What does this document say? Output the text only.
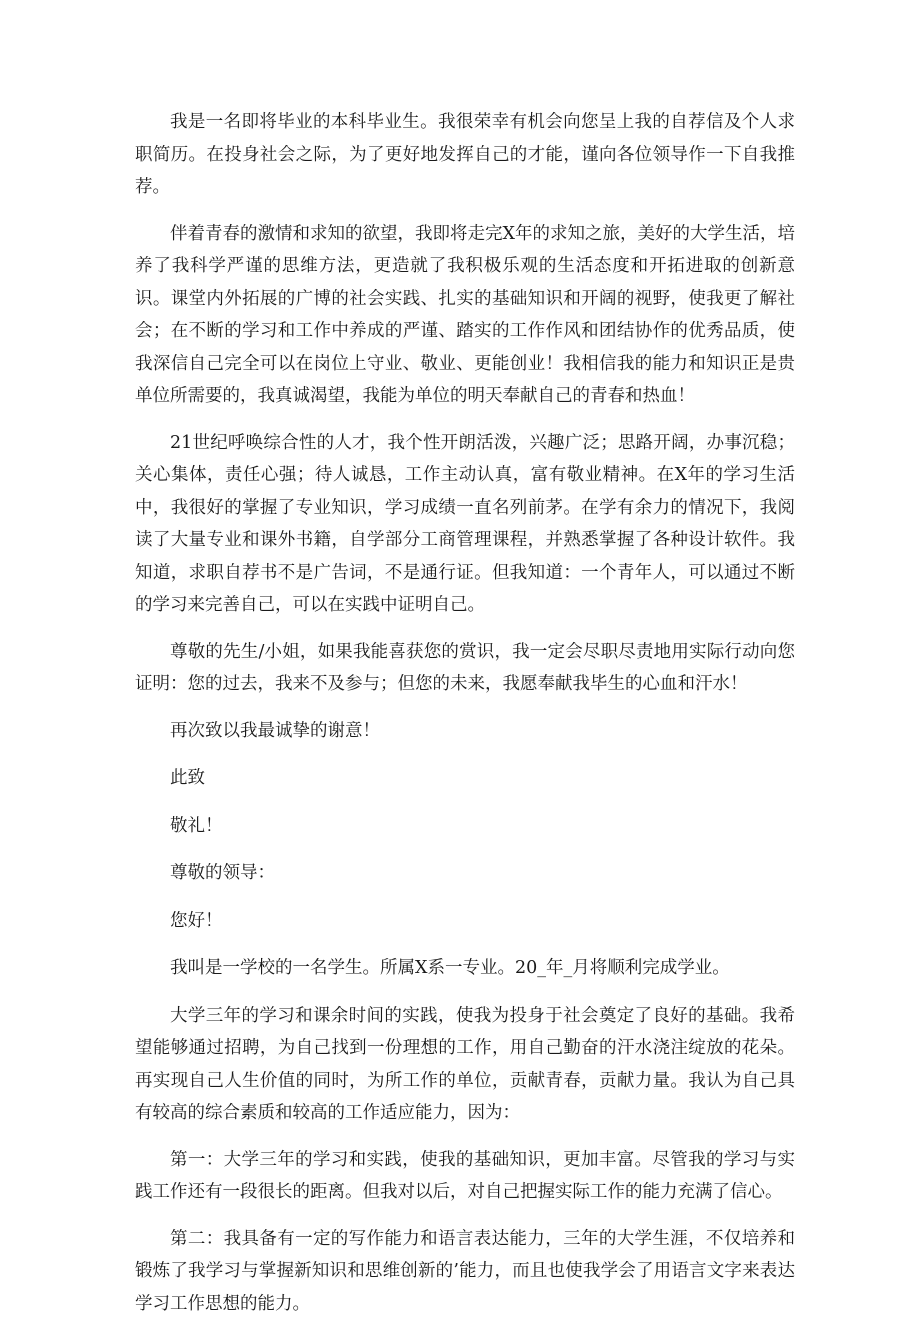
我是一名即将毕业的本科毕业生。我很荣幸有机会向您呈上我的自荐信及个人求职简历。在投身社会之际，为了更好地发挥自己的才能，谨向各位领导作一下自我推荐。

伴着青春的激情和求知的欲望，我即将走完X年的求知之旅，美好的大学生活，培养了我科学严谨的思维方法，更造就了我积极乐观的生活态度和开拓进取的创新意识。课堂内外拓展的广博的社会实践、扎实的基础知识和开阔的视野，使我更了解社会；在不断的学习和工作中养成的严谨、踏实的工作作风和团结协作的优秀品质，使我深信自己完全可以在岗位上守业、敬业、更能创业！我相信我的能力和知识正是贵单位所需要的，我真诚渴望，我能为单位的明天奉献自己的青春和热血！

21世纪呼唤综合性的人才，我个性开朗活泼，兴趣广泛；思路开阔，办事沉稳；关心集体，责任心强；待人诚恳，工作主动认真，富有敬业精神。在X年的学习生活中，我很好的掌握了专业知识，学习成绩一直名列前茅。在学有余力的情况下，我阅读了大量专业和课外书籍，自学部分工商管理课程，并熟悉掌握了各种设计软件。我知道，求职自荐书不是广告词，不是通行证。但我知道：一个青年人，可以通过不断的学习来完善自己，可以在实践中证明自己。

尊敬的先生/小姐，如果我能喜获您的赏识，我一定会尽职尽责地用实际行动向您证明：您的过去，我来不及参与；但您的未来，我愿奉献我毕生的心血和汗水！

再次致以我最诚挚的谢意！

此致

敬礼！

尊敬的领导：

您好！

我叫是一学校的一名学生。所属X系一专业。20_年_月将顺利完成学业。

大学三年的学习和课余时间的实践，使我为投身于社会奠定了良好的基础。我希望能够通过招聘，为自己找到一份理想的工作，用自己勤奋的汗水浇注绽放的花朵。再实现自己人生价值的同时，为所工作的单位，贡献青春，贡献力量。我认为自己具有较高的综合素质和较高的工作适应能力，因为：

第一：大学三年的学习和实践，使我的基础知识，更加丰富。尽管我的学习与实践工作还有一段很长的距离。但我对以后，对自己把握实际工作的能力充满了信心。

第二：我具备有一定的写作能力和语言表达能力，三年的大学生涯，不仅培养和锻炼了我学习与掌握新知识和思维创新的’能力，而且也使我学会了用语言文字来表达学习工作思想的能力。
